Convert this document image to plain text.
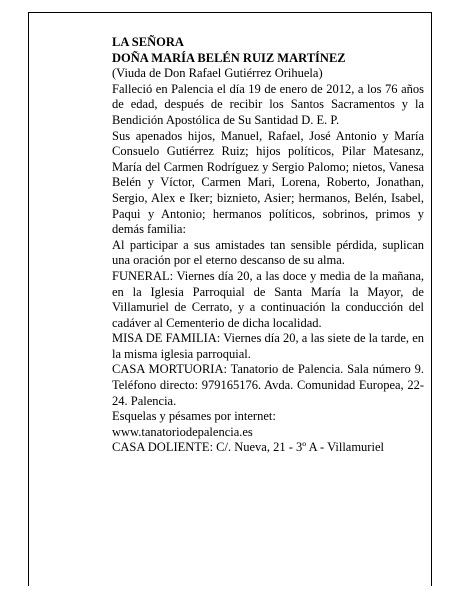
LA SEÑORA

DOÑA MARÍA BELÉN RUIZ MARTÍNEZ

(Viuda de Don Rafael Gutiérrez Orihuela)

Falleció en Palencia el día 19 de enero de 2012, a los 76 años de edad, después de recibir los Santos Sacramentos y la Bendición Apostólica de Su Santidad D. E. P.

Sus apenados hijos, Manuel, Rafael, José Antonio y María Consuelo Gutiérrez Ruiz; hijos políticos, Pilar Matesanz, María del Carmen Rodríguez y Sergio Palomo; nietos, Vanesa Belén y Víctor, Carmen Mari, Lorena, Roberto, Jonathan, Sergio, Alex e Iker; biznieto, Asier; hermanos, Belén, Isabel, Paqui y Antonio; hermanos políticos, sobrinos, primos y demás familia:

Al participar a sus amistades tan sensible pérdida, suplican una oración por el eterno descanso de su alma.

FUNERAL: Viernes día 20, a las doce y media de la mañana, en la Iglesia Parroquial de Santa María la Mayor, de Villamuriel de Cerrato, y a continuación la conducción del cadáver al Cementerio de dicha localidad.

MISA DE FAMILIA: Viernes día 20, a las siete de la tarde, en la misma iglesia parroquial.

CASA MORTUORIA: Tanatorio de Palencia. Sala número 9. Teléfono directo: 979165176. Avda. Comunidad Europea, 22-24. Palencia.

Esquelas y pésames por internet:

www.tanatoriodepalencia.es

CASA DOLIENTE: C/. Nueva, 21 - 3º A - Villamuriel
